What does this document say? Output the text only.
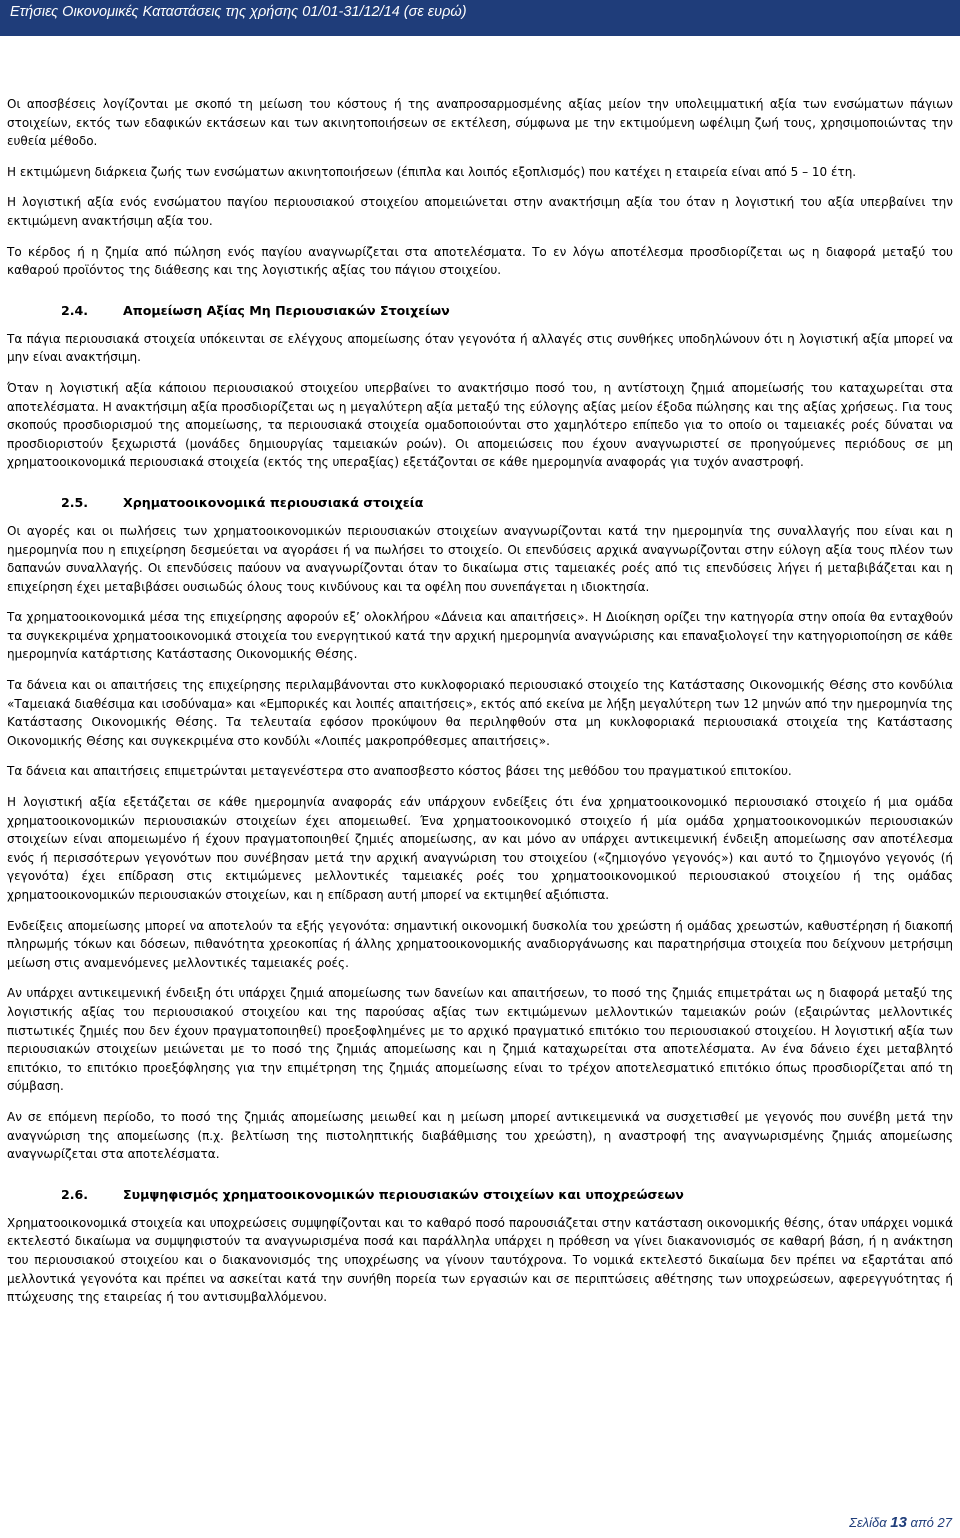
Ετήσιες Οικονομικές Καταστάσεις της χρήσης 01/01-31/12/14 (σε ευρώ)

Οι αποσβέσεις λογίζονται με σκοπό τη μείωση του κόστους ή της αναπροσαρμοσμένης αξίας μείον την υπολειμματική αξία των ενσώματων πάγιων στοιχείων, εκτός των εδαφικών εκτάσεων και των ακινητοποιήσεων σε εκτέλεση, σύμφωνα με την εκτιμούμενη ωφέλιμη ζωή τους, χρησιμοποιώντας την ευθεία μέθοδο.

Η εκτιμώμενη διάρκεια ζωής των ενσώματων ακινητοποιήσεων (έπιπλα και λοιπός εξοπλισμός) που κατέχει η εταιρεία είναι από 5 – 10 έτη.

Η λογιστική αξία ενός ενσώματου παγίου περιουσιακού στοιχείου απομειώνεται στην ανακτήσιμη αξία του όταν η λογιστική του αξία υπερβαίνει την εκτιμώμενη ανακτήσιμη αξία του.

Το κέρδος ή η ζημία από πώληση ενός παγίου αναγνωρίζεται στα αποτελέσματα. Το εν λόγω αποτέλεσμα προσδιορίζεται ως η διαφορά μεταξύ του καθαρού προϊόντος της διάθεσης και της λογιστικής αξίας του πάγιου στοιχείου.

2.4.	Απομείωση Αξίας Μη Περιουσιακών Στοιχείων

Τα πάγια περιουσιακά στοιχεία υπόκεινται σε ελέγχους απομείωσης όταν γεγονότα ή αλλαγές στις συνθήκες υποδηλώνουν ότι η λογιστική αξία μπορεί να μην είναι ανακτήσιμη.

Όταν η λογιστική αξία κάποιου περιουσιακού στοιχείου υπερβαίνει το ανακτήσιμο ποσό του, η αντίστοιχη ζημιά απομείωσής του καταχωρείται στα αποτελέσματα. Η ανακτήσιμη αξία προσδιορίζεται ως η μεγαλύτερη αξία μεταξύ της εύλογης αξίας μείον έξοδα πώλησης και της αξίας χρήσεως. Για τους σκοπούς προσδιορισμού της απομείωσης, τα περιουσιακά στοιχεία ομαδοποιούνται στο χαμηλότερο επίπεδο για το οποίο οι ταμειακές ροές δύναται να προσδιοριστούν ξεχωριστά (μονάδες δημιουργίας ταμειακών ροών). Οι απομειώσεις που έχουν αναγνωριστεί σε προηγούμενες περιόδους σε μη χρηματοοικονομικά περιουσιακά στοιχεία (εκτός της υπεραξίας) εξετάζονται σε κάθε ημερομηνία αναφοράς για τυχόν αναστροφή.

2.5.	Χρηματοοικονομικά περιουσιακά στοιχεία

Οι αγορές και οι πωλήσεις των χρηματοοικονομικών περιουσιακών στοιχείων αναγνωρίζονται κατά την ημερομηνία της συναλλαγής που είναι και η ημερομηνία που η επιχείρηση δεσμεύεται να αγοράσει ή να πωλήσει το στοιχείο. Οι επενδύσεις αρχικά αναγνωρίζονται στην εύλογη αξία τους πλέον των δαπανών συναλλαγής. Οι επενδύσεις παύουν να αναγνωρίζονται όταν το δικαίωμα στις ταμειακές ροές από τις επενδύσεις λήγει ή μεταβιβάζεται και η επιχείρηση έχει μεταβιβάσει ουσιωδώς όλους τους κινδύνους και τα οφέλη που συνεπάγεται η ιδιοκτησία.

Τα χρηματοοικονομικά μέσα της επιχείρησης αφορούν εξ’ ολοκλήρου «Δάνεια και απαιτήσεις». Η Διοίκηση ορίζει την κατηγορία στην οποία θα ενταχθούν τα συγκεκριμένα χρηματοοικονομικά στοιχεία του ενεργητικού κατά την αρχική ημερομηνία αναγνώρισης και επαναξιολογεί την κατηγοριοποίηση σε κάθε ημερομηνία κατάρτισης Κατάστασης Οικονομικής Θέσης.

Τα δάνεια και οι απαιτήσεις της επιχείρησης περιλαμβάνονται στο κυκλοφοριακό περιουσιακό στοιχείο της Κατάστασης Οικονομικής Θέσης στο κονδύλια «Ταμειακά διαθέσιμα και ισοδύναμα» και «Εμπορικές και λοιπές απαιτήσεις», εκτός από εκείνα με λήξη μεγαλύτερη των 12 μηνών από την ημερομηνία της Κατάστασης Οικονομικής Θέσης. Τα τελευταία εφόσον προκύψουν θα περιληφθούν στα μη κυκλοφοριακά περιουσιακά στοιχεία της Κατάστασης Οικονομικής Θέσης και συγκεκριμένα στο κονδύλι «Λοιπές μακροπρόθεσμες απαιτήσεις».

Τα δάνεια και απαιτήσεις επιμετρώνται μεταγενέστερα στο αναποσβεστο κόστος βάσει της μεθόδου του πραγματικού επιτοκίου.

Η λογιστική αξία εξετάζεται σε κάθε ημερομηνία αναφοράς εάν υπάρχουν ενδείξεις ότι ένα χρηματοοικονομικό περιουσιακό στοιχείο ή μια ομάδα χρηματοοικονομικών περιουσιακών στοιχείων έχει απομειωθεί. Ένα χρηματοοικονομικό στοιχείο ή μία ομάδα χρηματοοικονομικών περιουσιακών στοιχείων είναι απομειωμένο ή έχουν πραγματοποιηθεί ζημιές απομείωσης, αν και μόνο αν υπάρχει αντικειμενική ένδειξη απομείωσης σαν αποτέλεσμα ενός ή περισσότερων γεγονότων που συνέβησαν μετά την αρχική αναγνώριση του στοιχείου («ζημιογόνο γεγονός») και αυτό το ζημιογόνο γεγονός (ή γεγονότα) έχει επίδραση στις εκτιμώμενες μελλοντικές ταμειακές ροές του χρηματοοικονομικού περιουσιακού στοιχείου ή της ομάδας χρηματοοικονομικών περιουσιακών στοιχείων, και η επίδραση αυτή μπορεί να εκτιμηθεί αξιόπιστα.

Ενδείξεις απομείωσης μπορεί να αποτελούν τα εξής γεγονότα: σημαντική οικονομική δυσκολία του χρεώστη ή ομάδας χρεωστών, καθυστέρηση ή διακοπή πληρωμής τόκων και δόσεων, πιθανότητα χρεοκοπίας ή άλλης χρηματοοικονομικής αναδιοργάνωσης και παρατηρήσιμα στοιχεία που δείχνουν μετρήσιμη μείωση στις αναμενόμενες μελλοντικές ταμειακές ροές.

Αν υπάρχει αντικειμενική ένδειξη ότι υπάρχει ζημιά απομείωσης των δανείων και απαιτήσεων, το ποσό της ζημιάς επιμετράται ως η διαφορά μεταξύ της λογιστικής αξίας του περιουσιακού στοιχείου και της παρούσας αξίας των εκτιμώμενων μελλοντικών ταμειακών ροών (εξαιρώντας μελλοντικές πιστωτικές ζημιές που δεν έχουν πραγματοποιηθεί) προεξοφλημένες με το αρχικό πραγματικό επιτόκιο του περιουσιακού στοιχείου. Η λογιστική αξία των περιουσιακών στοιχείων μειώνεται με το ποσό της ζημιάς απομείωσης και η ζημιά καταχωρείται στα αποτελέσματα. Αν ένα δάνειο έχει μεταβλητό επιτόκιο, το επιτόκιο προεξόφλησης για την επιμέτρηση της ζημιάς απομείωσης είναι το τρέχον αποτελεσματικό επιτόκιο όπως προσδιορίζεται από τη σύμβαση.

Αν σε επόμενη περίοδο, το ποσό της ζημιάς απομείωσης μειωθεί και η μείωση μπορεί αντικειμενικά να συσχετισθεί με γεγονός που συνέβη μετά την αναγνώριση της απομείωσης (π.χ. βελτίωση της πιστοληπτικής διαβάθμισης του χρεώστη), η αναστροφή της αναγνωρισμένης ζημιάς απομείωσης αναγνωρίζεται στα αποτελέσματα.

2.6.	Συμψηφισμός χρηματοοικονομικών περιουσιακών στοιχείων και υποχρεώσεων

Χρηματοοικονομικά στοιχεία και υποχρεώσεις συμψηφίζονται και το καθαρό ποσό παρουσιάζεται στην κατάσταση οικονομικής θέσης, όταν υπάρχει νομικά εκτελεστό δικαίωμα να συμψηφιστούν τα αναγνωρισμένα ποσά και παράλληλα υπάρχει η πρόθεση να γίνει διακανονισμός σε καθαρή βάση, ή η ανάκτηση του περιουσιακού στοιχείου και ο διακανονισμός της υποχρέωσης να γίνουν ταυτόχρονα. Το νομικά εκτελεστό δικαίωμα δεν πρέπει να εξαρτάται από μελλοντικά γεγονότα και πρέπει να ασκείται κατά την συνήθη πορεία των εργασιών και σε περιπτώσεις αθέτησης των υποχρεώσεων, αφερεγγυότητας ή πτώχευσης της εταιρείας ή του αντισυμβαλλόμενου.

Σελίδα 13 από 27
